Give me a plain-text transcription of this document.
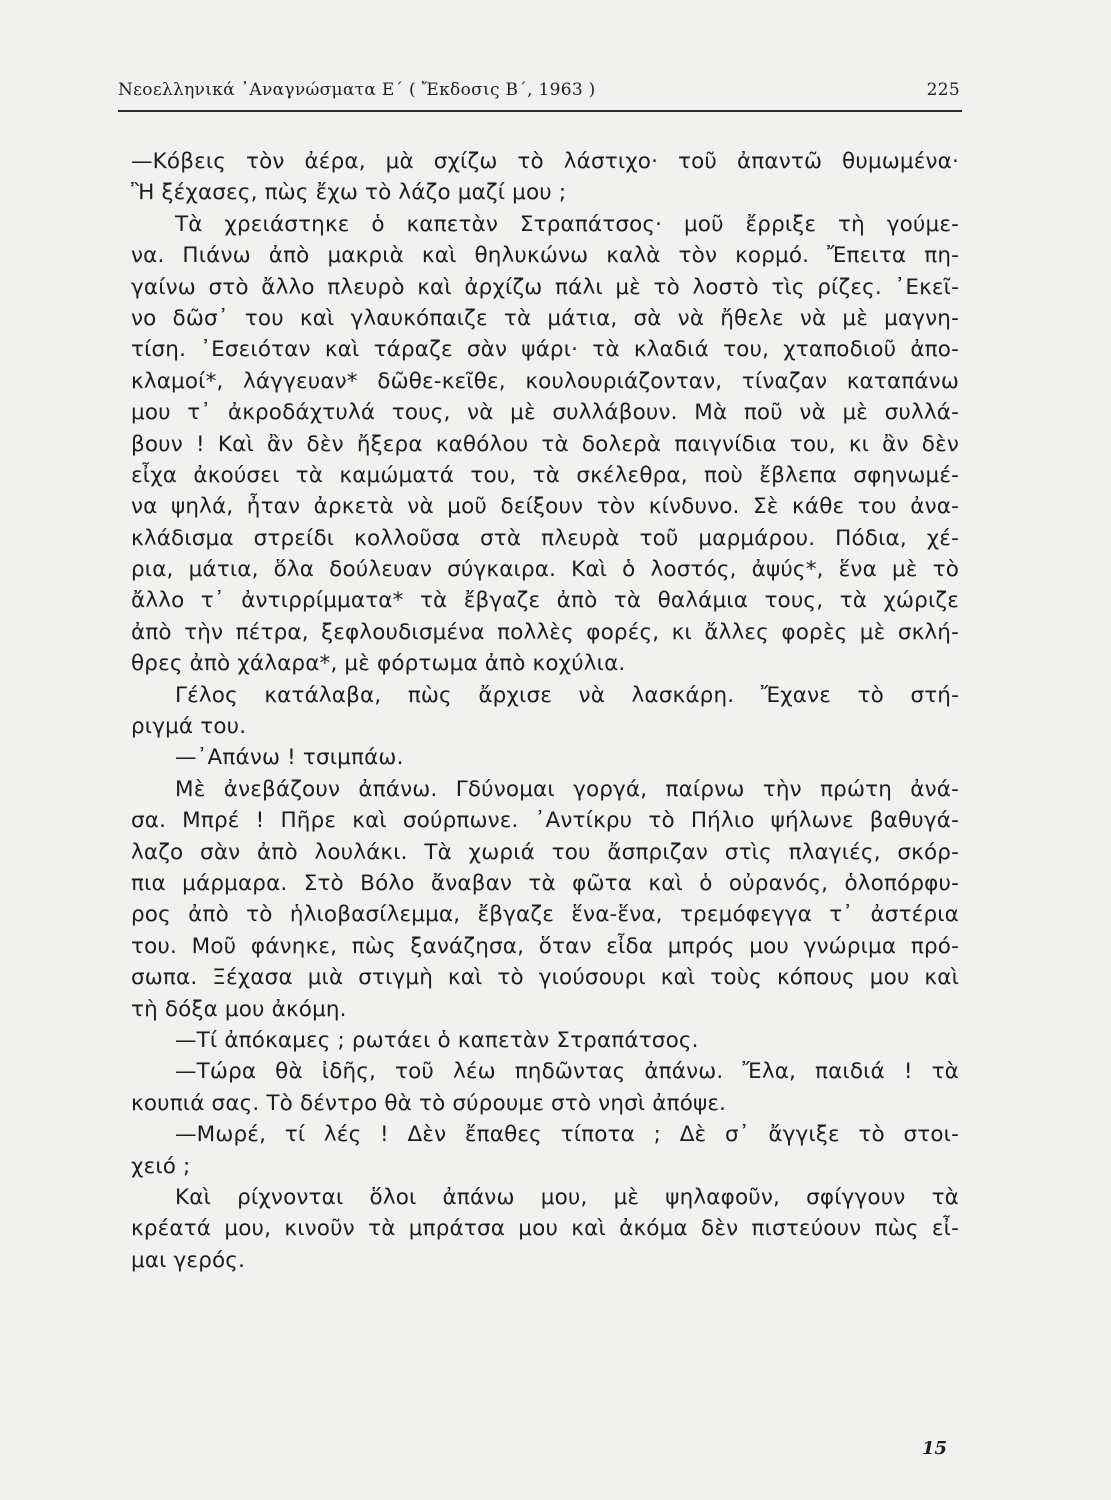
Νεοελληνικά ᾿Αναγνώσματα Ε΄ ( Ἔκδοσις Β΄, 1963 )	225
—Κόβεις τὸν ἀέρα, μὰ σχίζω τὸ λάστιχο· τοῦ ἀπαντῶ θυμωμένα·
Ἢ ξέχασες, πὼς ἔχω τὸ λάζο μαζί μου ;
Τὰ χρειάστηκε ὁ καπετὰν Στραπάτσος· μοῦ ἔρριξε τὴ γούμε-
να. Πιάνω ἀπὸ μακριὰ καὶ θηλυκώνω καλὰ τὸν κορμό. Ἔπειτα πη-
γαίνω στὸ ἄλλο πλευρὸ καὶ ἀρχίζω πάλι μὲ τὸ λοστὸ τὶς ρίζες. ᾿Εκεῖ-
νο δῶσ᾿ του καὶ γλαυκόπαιζε τὰ μάτια, σὰ νὰ ἤθελε νὰ μὲ μαγνη-
τίση. ᾿Εσειόταν καὶ τάραζε σὰν ψάρι· τὰ κλαδιά του, χταποδιοῦ ἀπο-
κλαμοί*, λάγγευαν* δῶθε-κεῖθε, κουλουριάζονταν, τίναζαν καταπάνω
μου τ᾿ ἀκροδάχτυλά τους, νὰ μὲ συλλάβουν. Μὰ ποῦ νὰ μὲ συλλά-
βουν ! Καὶ ἂν δὲν ἤξερα καθόλου τὰ δολερὰ παιγνίδια του, κι ἂν δὲν
εἶχα ἀκούσει τὰ καμώματά του, τὰ σκέλεθρα, ποὺ ἔβλεπα σφηνωμέ-
να ψηλά, ἦταν ἀρκετὰ νὰ μοῦ δείξουν τὸν κίνδυνο. Σὲ κάθε του ἀνα-
κλάδισμα στρείδι κολλοῦσα στὰ πλευρὰ τοῦ μαρμάρου. Πόδια, χέ-
ρια, μάτια, ὅλα δούλευαν σύγκαιρα. Καὶ ὁ λοστός, ἀψύς*, ἕνα μὲ τὸ
ἄλλο τ᾿ ἀντιρρίμματα* τὰ ἔβγαζε ἀπὸ τὰ θαλάμια τους, τὰ χώριζε
ἀπὸ τὴν πέτρα, ξεφλουδισμένα πολλὲς φορές, κι ἄλλες φορὲς μὲ σκλή-
θρες ἀπὸ χάλαρα*, μὲ φόρτωμα ἀπὸ κοχύλια.
Γέλος κατάλαβα, πὼς ἄρχισε νὰ λασκάρη. Ἔχανε τὸ στή-
ριγμά του.
—᾿Απάνω ! τσιμπάω.
Μὲ ἀνεβάζουν ἀπάνω. Γδύνομαι γοργά, παίρνω τὴν πρώτη ἀνά-
σα. Μπρέ ! Πῆρε καὶ σούρπωνε. ᾿Αντίκρυ τὸ Πήλιο ψήλωνε βαθυγά-
λαζο σὰν ἀπὸ λουλάκι. Τὰ χωριά του ἄσπριζαν στὶς πλαγιές, σκόρ-
πια μάρμαρα. Στὸ Βόλο ἄναβαν τὰ φῶτα καὶ ὁ οὐρανός, ὁλοπόρφυ-
ρος ἀπὸ τὸ ἡλιοβασίλεμμα, ἔβγαζε ἕνα-ἕνα, τρεμόφεγγα τ᾿ ἀστέρια
του. Μοῦ φάνηκε, πὼς ξανάζησα, ὅταν εἶδα μπρός μου γνώριμα πρό-
σωπα. Ξέχασα μιὰ στιγμὴ καὶ τὸ γιούσουρι καὶ τοὺς κόπους μου καὶ
τὴ δόξα μου ἀκόμη.
—Τί ἀπόκαμες ; ρωτάει ὁ καπετὰν Στραπάτσος.
—Τώρα θὰ ἰδῆς, τοῦ λέω πηδῶντας ἀπάνω. Ἔλα, παιδιά ! τὰ
κουπιά σας. Τὸ δέντρο θὰ τὸ σύρουμε στὸ νησὶ ἀπόψε.
—Μωρέ, τί λές ! Δὲν ἔπαθες τίποτα ; Δὲ σ᾿ ἄγγιξε τὸ στοι-
χειό ;
Καὶ ρίχνονται ὅλοι ἀπάνω μου, μὲ ψηλαφοῦν, σφίγγουν τὰ
κρέατά μου, κινοῦν τὰ μπράτσα μου καὶ ἀκόμα δὲν πιστεύουν πὼς εἶ-
μαι γερός.
15
